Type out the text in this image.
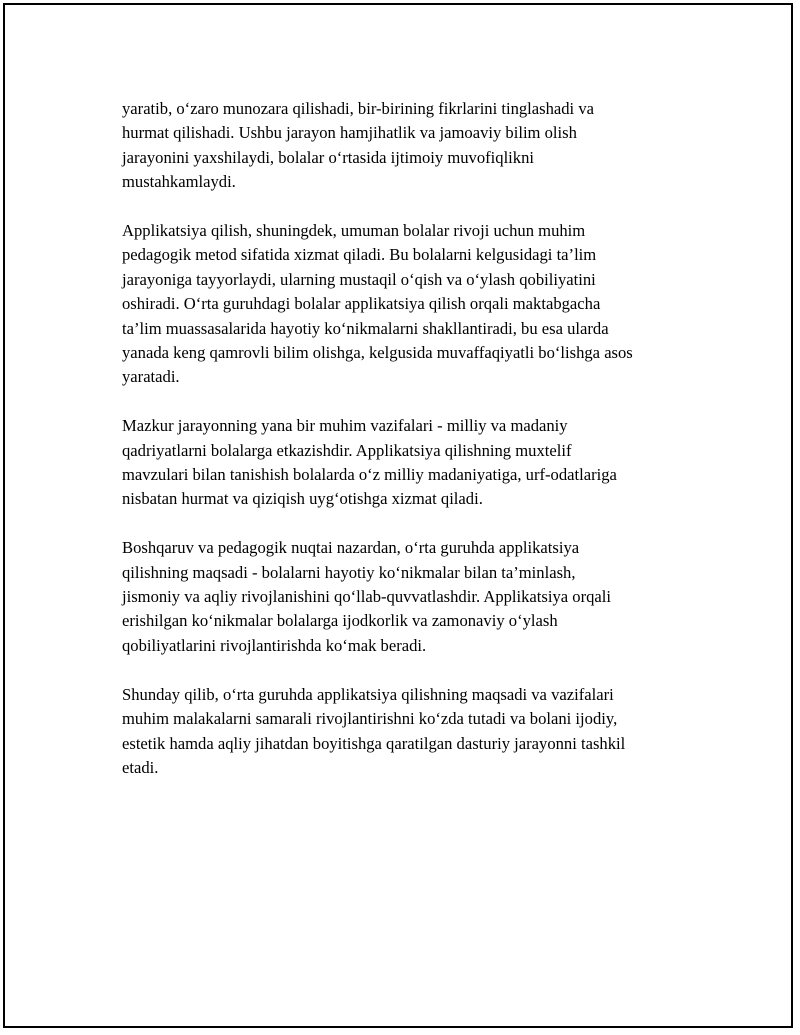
yaratib, o‘zaro munozara qilishadi, bir-birining fikrlarini tinglashadi va
hurmat qilishadi. Ushbu jarayon hamjihatlik va jamoaviy bilim olish
jarayonini yaxshilaydi, bolalar o‘rtasida ijtimoiy muvofiqlikni
mustahkamlaydi.

Applikatsiya qilish, shuningdek, umuman bolalar rivoji uchun muhim
pedagogik metod sifatida xizmat qiladi. Bu bolalarni kelgusidagi ta’lim
jarayoniga tayyorlaydi, ularning mustaqil o‘qish va o‘ylash qobiliyatini
oshiradi. O‘rta guruhdagi bolalar applikatsiya qilish orqali maktabgacha
ta’lim muassasalarida hayotiy ko‘nikmalarni shakllantiradi, bu esa ularda
yanada keng qamrovli bilim olishga, kelgusida muvaffaqiyatli bo‘lishga asos
yaratadi.

Mazkur jarayonning yana bir muhim vazifalari - milliy va madaniy
qadriyatlarni bolalarga etkazishdir. Applikatsiya qilishning muxtelif
mavzulari bilan tanishish bolalarda o‘z milliy madaniyatiga, urf-odatlariga
nisbatan hurmat va qiziqish uyg‘otishga xizmat qiladi.

Boshqaruv va pedagogik nuqtai nazardan, o‘rta guruhda applikatsiya
qilishning maqsadi - bolalarni hayotiy ko‘nikmalar bilan ta’minlash,
jismoniy va aqliy rivojlanishini qo‘llab-quvvatlashdir. Applikatsiya orqali
erishilgan ko‘nikmalar bolalarga ijodkorlik va zamonaviy o‘ylash
qobiliyatlarini rivojlantirishda ko‘mak beradi.

Shunday qilib, o‘rta guruhda applikatsiya qilishning maqsadi va vazifalari
muhim malakalarni samarali rivojlantirishni ko‘zda tutadi va bolani ijodiy,
estetik hamda aqliy jihatdan boyitishga qaratilgan dasturiy jarayonni tashkil
etadi.
